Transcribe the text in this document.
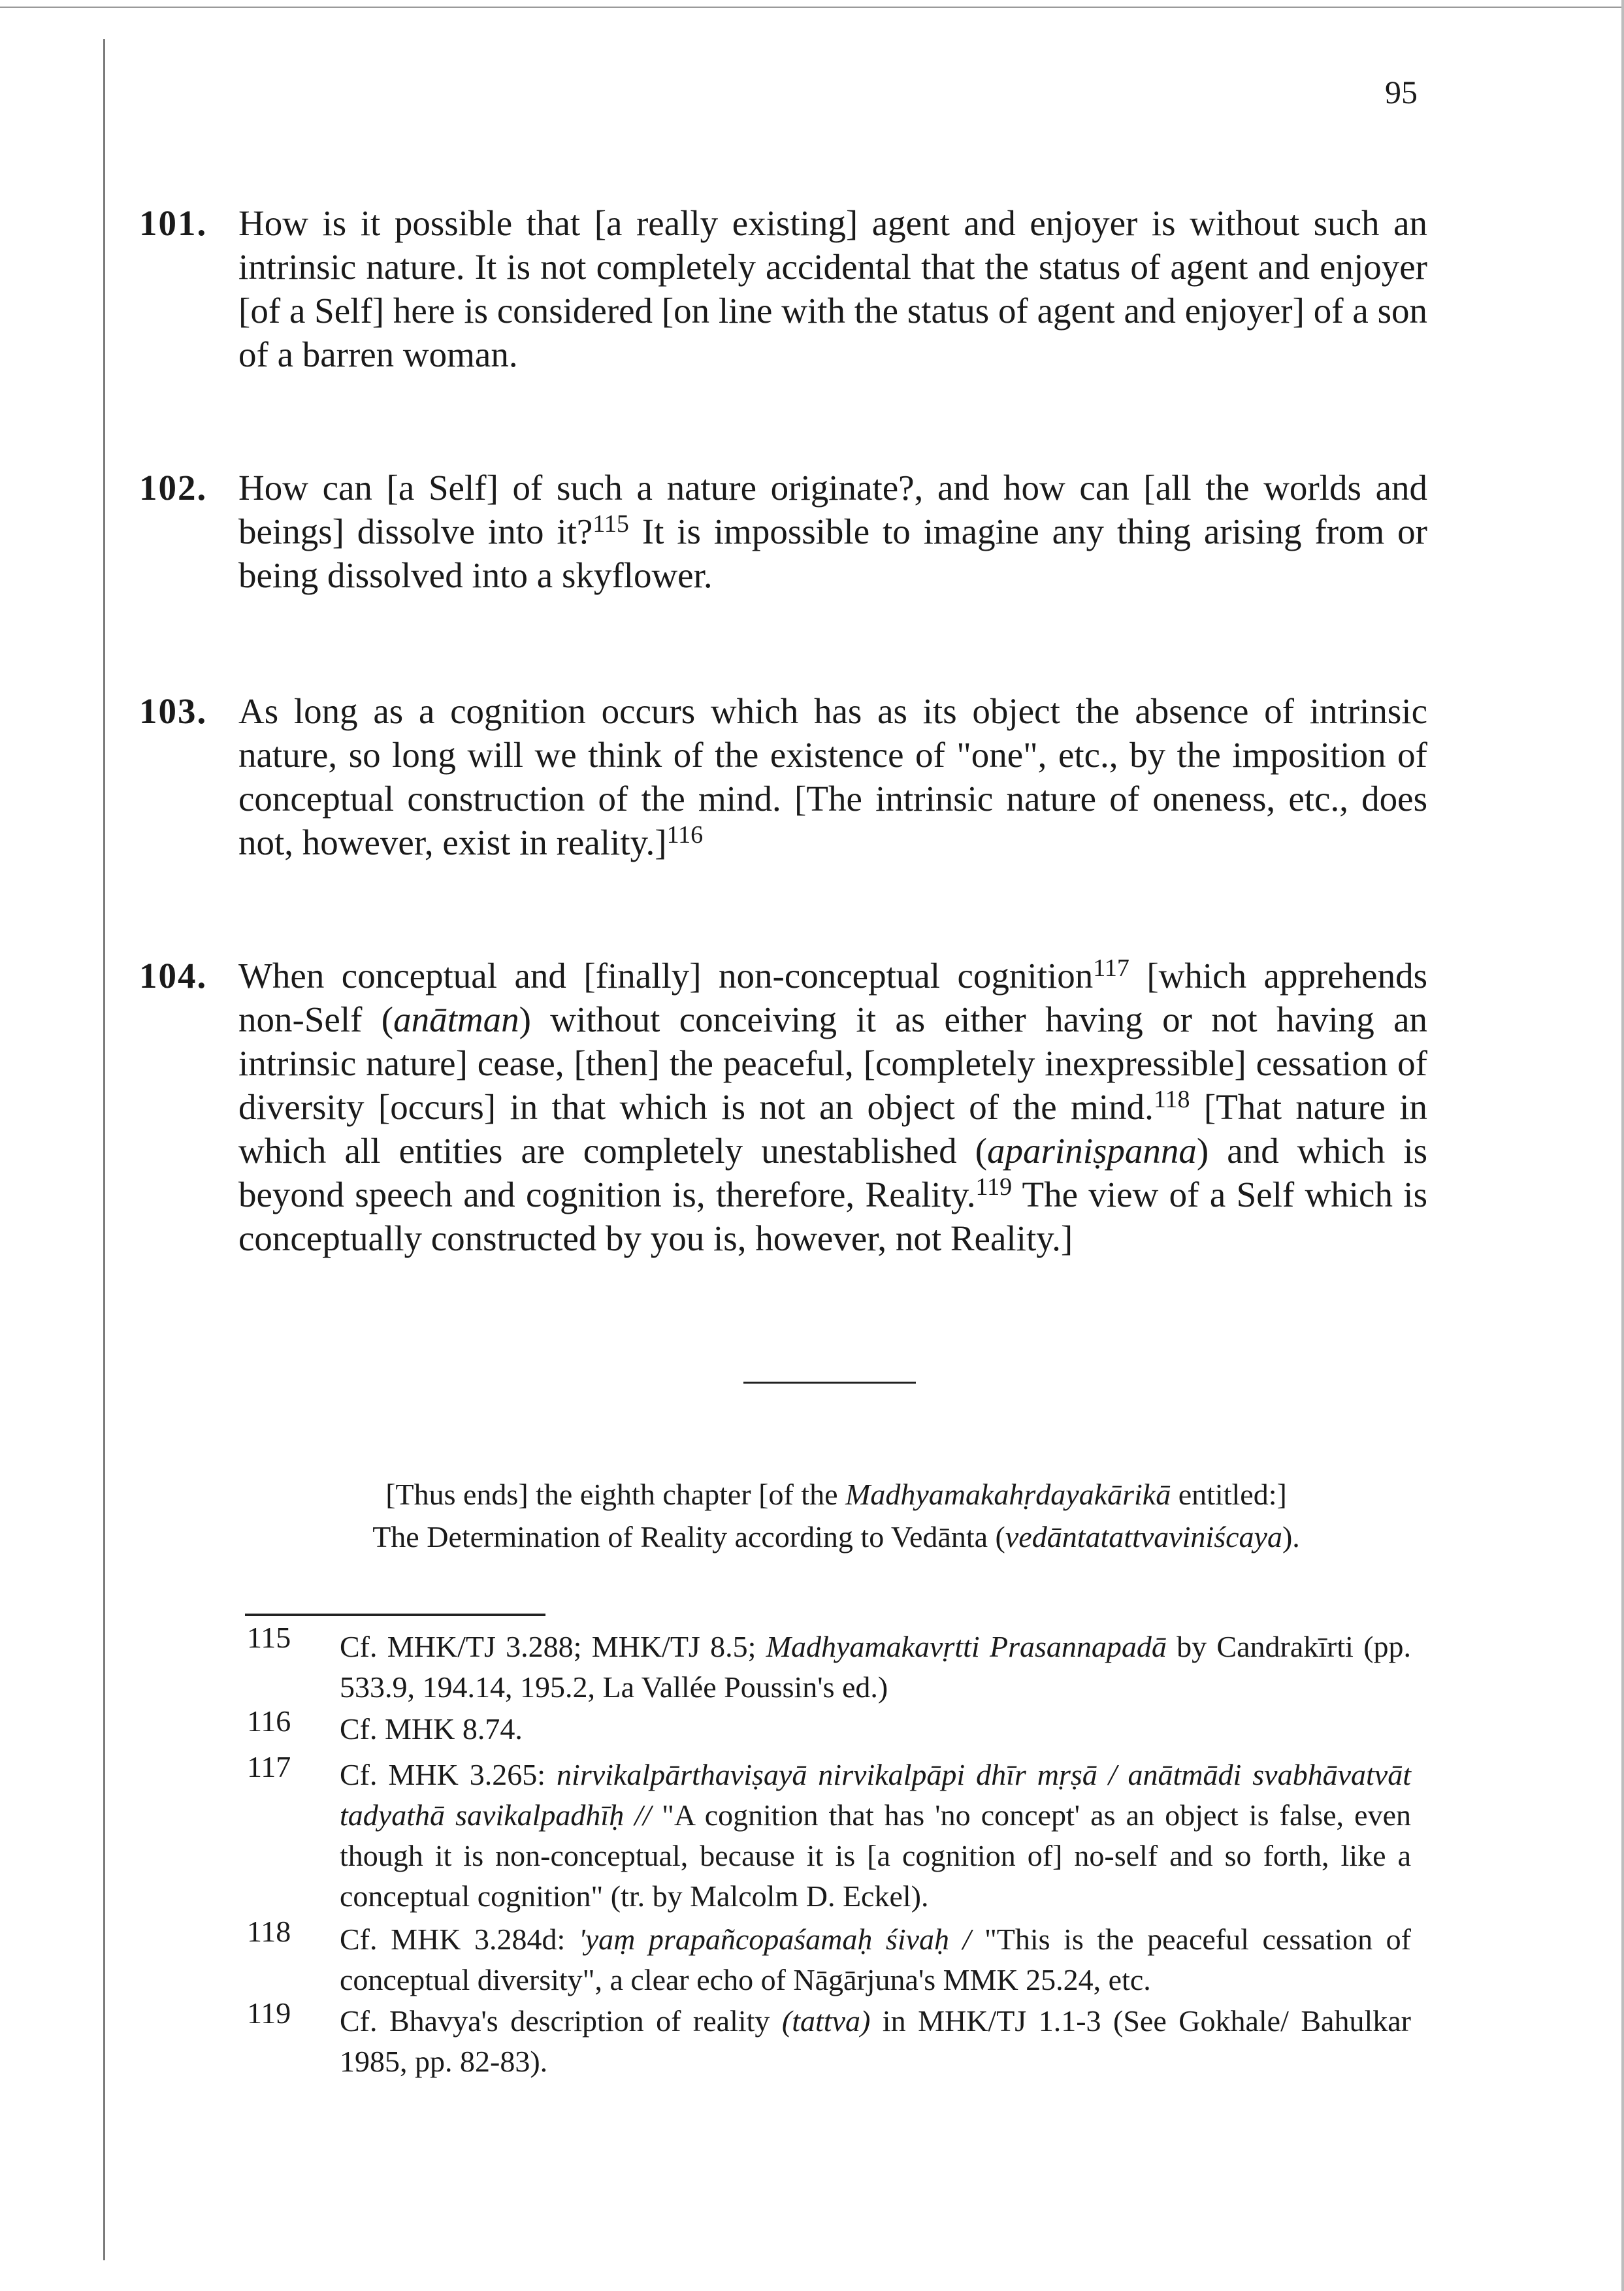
95
101. How is it possible that [a really existing] agent and enjoyer is without such an intrinsic nature. It is not completely accidental that the status of agent and enjoyer [of a Self] here is considered [on line with the status of agent and enjoyer] of a son of a barren woman.
102. How can [a Self] of such a nature originate?, and how can [all the worlds and beings] dissolve into it?$^{115}$ It is impossible to imagine any thing arising from or being dissolved into a skyflower.
103. As long as a cognition occurs which has as its object the absence of intrinsic nature, so long will we think of the existence of "one", etc., by the imposition of conceptual construction of the mind. [The intrinsic nature of oneness, etc., does not, however, exist in reality.]$^{116}$
104. When conceptual and [finally] non-conceptual cognition$^{117}$ [which apprehends non-Self (anātman) without conceiving it as either having or not having an intrinsic nature] cease, [then] the peaceful, [completely inexpressible] cessation of diversity [occurs] in that which is not an object of the mind.$^{118}$ [That nature in which all entities are completely unestablished (apariniṣpanna) and which is beyond speech and cognition is, therefore, Reality.$^{119}$ The view of a Self which is conceptually constructed by you is, however, not Reality.]
[Thus ends] the eighth chapter [of the Madhyamakahṛdayakārikā entitled:]
The Determination of Reality according to Vedānta (vedāntatattvaviniścaya).
115 Cf. MHK/TJ 3.288; MHK/TJ 8.5; Madhyamakavṛtti Prasannapadā by Candrakīrti (pp. 533.9, 194.14, 195.2, La Vallée Poussin's ed.)
116 Cf. MHK 8.74.
117 Cf. MHK 3.265: nirvikalpārthaviṣayā nirvikalpāpi dhīr mṛṣā / anātmādi svabhāvatvāt tadyathā savikalpadhīḥ // "A cognition that has 'no concept' as an object is false, even though it is non-conceptual, because it is [a cognition of] no-self and so forth, like a conceptual cognition" (tr. by Malcolm D. Eckel).
118 Cf. MHK 3.284d: 'yaṃ prapañcopaśamaḥ śivaḥ / "This is the peaceful cessation of conceptual diversity", a clear echo of Nāgārjuna's MMK 25.24, etc.
119 Cf. Bhavya's description of reality (tattva) in MHK/TJ 1.1-3 (See Gokhale/ Bahulkar 1985, pp. 82-83).
